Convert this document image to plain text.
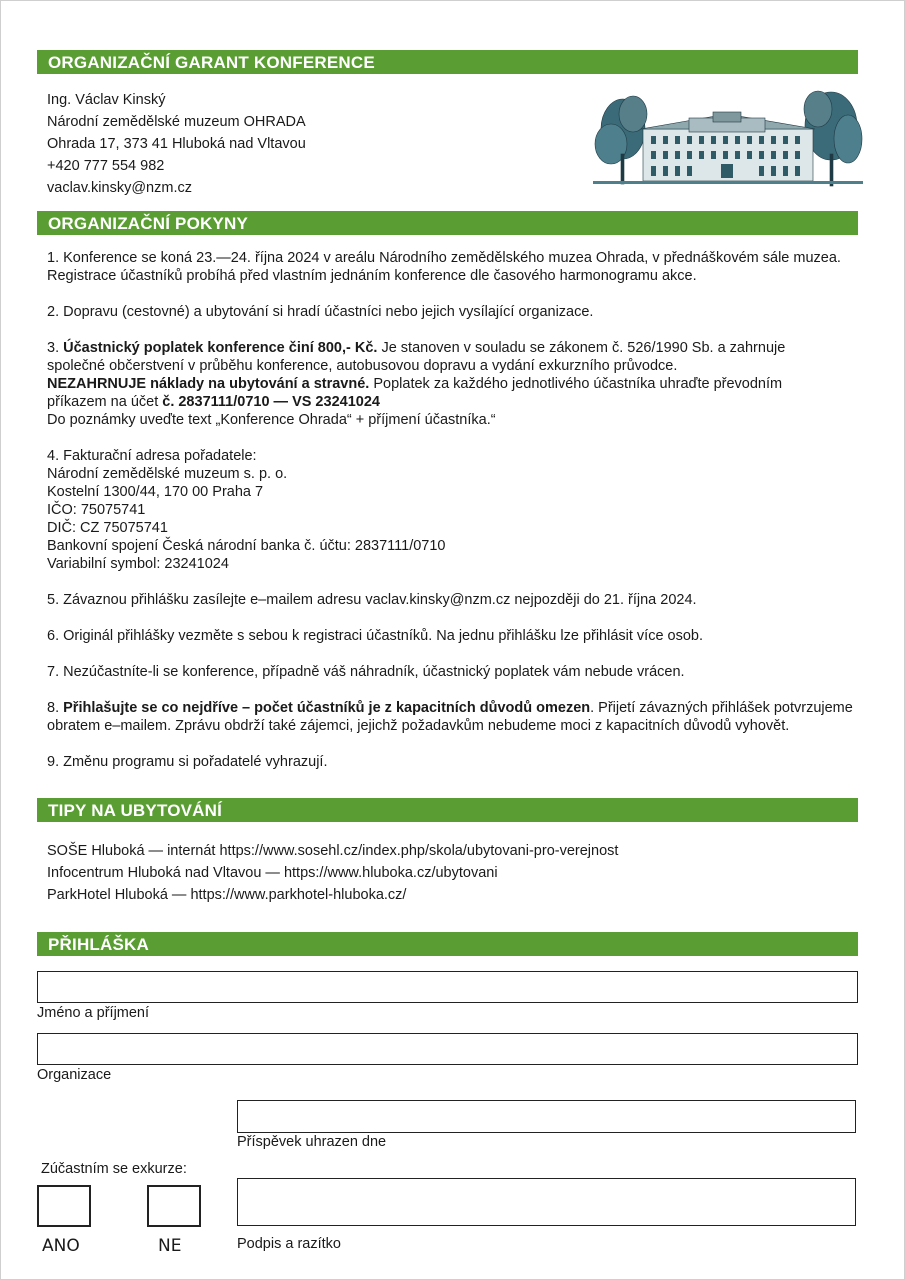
ORGANIZAČNÍ GARANT KONFERENCE
Ing. Václav Kinský
Národní zemědělské muzeum OHRADA
Ohrada 17, 373 41 Hluboká nad Vltavou
+420 777 554 982
vaclav.kinsky@nzm.cz
ORGANIZAČNÍ POKYNY

1. Konference se koná 23.—24. října 2024 v areálu Národního zemědělského muzea Ohrada, v přednáškovém sále muzea.
Registrace účastníků probíhá před vlastním jednáním konference dle časového harmonogramu akce.

2. Dopravu (cestovné) a ubytování si hradí účastníci nebo jejich vysílající organizace.

3. Účastnický poplatek konference činí 800,- Kč. Je stanoven v souladu se zákonem č. 526/1990 Sb. a zahrnuje
společné občerstvení v průběhu konference, autobusovou dopravu a vydání exkurzního průvodce.
NEZAHRNUJE náklady na ubytování a stravné. Poplatek za každého jednotlivého účastníka uhraďte převodním
příkazem na účet č. 2837111/0710 — VS 23241024
Do poznámky uveďte text „Konference Ohrada“ + příjmení účastníka.“

4. Fakturační adresa pořadatele:
Národní zemědělské muzeum s. p. o.
Kostelní 1300/44, 170 00 Praha 7
IČO: 75075741
DIČ: CZ 75075741
Bankovní spojení Česká národní banka č. účtu: 2837111/0710
Variabilní symbol: 23241024

5. Závaznou přihlášku zasílejte e–mailem adresu vaclav.kinsky@nzm.cz nejpozději do 21. října 2024.

6. Originál přihlášky vezměte s sebou k registraci účastníků. Na jednu přihlášku lze přihlásit více osob.

7. Nezúčastníte-li se konference, případně váš náhradník, účastnický poplatek vám nebude vrácen.

8. Přihlašujte se co nejdříve – počet účastníků je z kapacitních důvodů omezen. Přijetí závazných přihlášek potvrzujeme
obratem e–mailem. Zprávu obdrží také zájemci, jejichž požadavkům nebudeme moci z kapacitních důvodů vyhovět.

9. Změnu programu si pořadatelé vyhrazují.

TIPY NA UBYTOVÁNÍ
SOŠE Hluboká — internát https://www.sosehl.cz/index.php/skola/ubytovani-pro-verejnost
Infocentrum Hluboká nad Vltavou — https://www.hluboka.cz/ubytovani
ParkHotel Hluboká — https://www.parkhotel-hluboka.cz/
PŘIHLÁŠKA
Jméno a příjmení
Organizace
Příspěvek uhrazen dne
Zúčastním se exkurze:
ANO	NE	Podpis a razítko
